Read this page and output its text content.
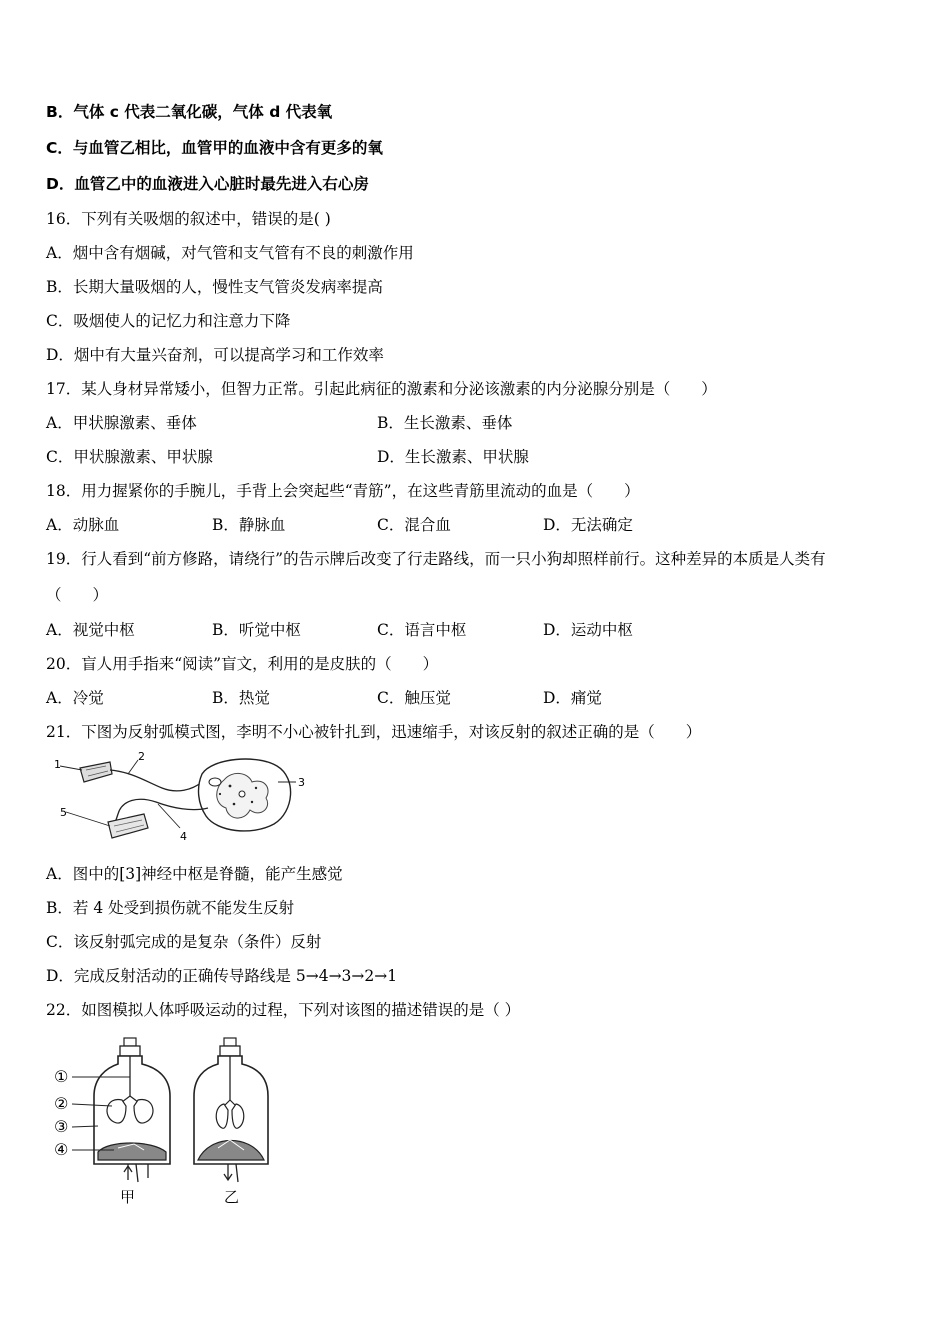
B．气体 c 代表二氧化碳，气体 d 代表氧
C．与血管乙相比，血管甲的血液中含有更多的氧
D．血管乙中的血液进入心脏时最先进入右心房
16．下列有关吸烟的叙述中，错误的是( )
A．烟中含有烟碱，对气管和支气管有不良的刺激作用
B．长期大量吸烟的人，慢性支气管炎发病率提高
C．吸烟使人的记忆力和注意力下降
D．烟中有大量兴奋剂，可以提高学习和工作效率
17．某人身材异常矮小，但智力正常。引起此病征的激素和分泌该激素的内分泌腺分别是（　　）
A．甲状腺激素、垂体	B．生长激素、垂体
C．甲状腺激素、甲状腺	D．生长激素、甲状腺
18．用力握紧你的手腕儿，手背上会突起些“青筋”，在这些青筋里流动的血是（　　）
A．动脉血	B．静脉血	C．混合血	D．无法确定
19．行人看到“前方修路，请绕行”的告示牌后改变了行走路线，而一只小狗却照样前行。这种差异的本质是人类有
（　　）
A．视觉中枢	B．听觉中枢	C．语言中枢	D．运动中枢
20．盲人用手指来“阅读”盲文，利用的是皮肤的（　　）
A．冷觉	B．热觉	C．触压觉	D．痛觉
21．下图为反射弧模式图，李明不小心被针扎到，迅速缩手，对该反射的叙述正确的是（　　）
1
2
3
4
5
A．图中的[3]神经中枢是脊髓，能产生感觉
B．若 4 处受到损伤就不能发生反射
C．该反射弧完成的是复杂（条件）反射
D．完成反射活动的正确传导路线是 5→4→3→2→1
22．如图模拟人体呼吸运动的过程，下列对该图的描述错误的是（ ）
①
②
③
④
甲	乙
